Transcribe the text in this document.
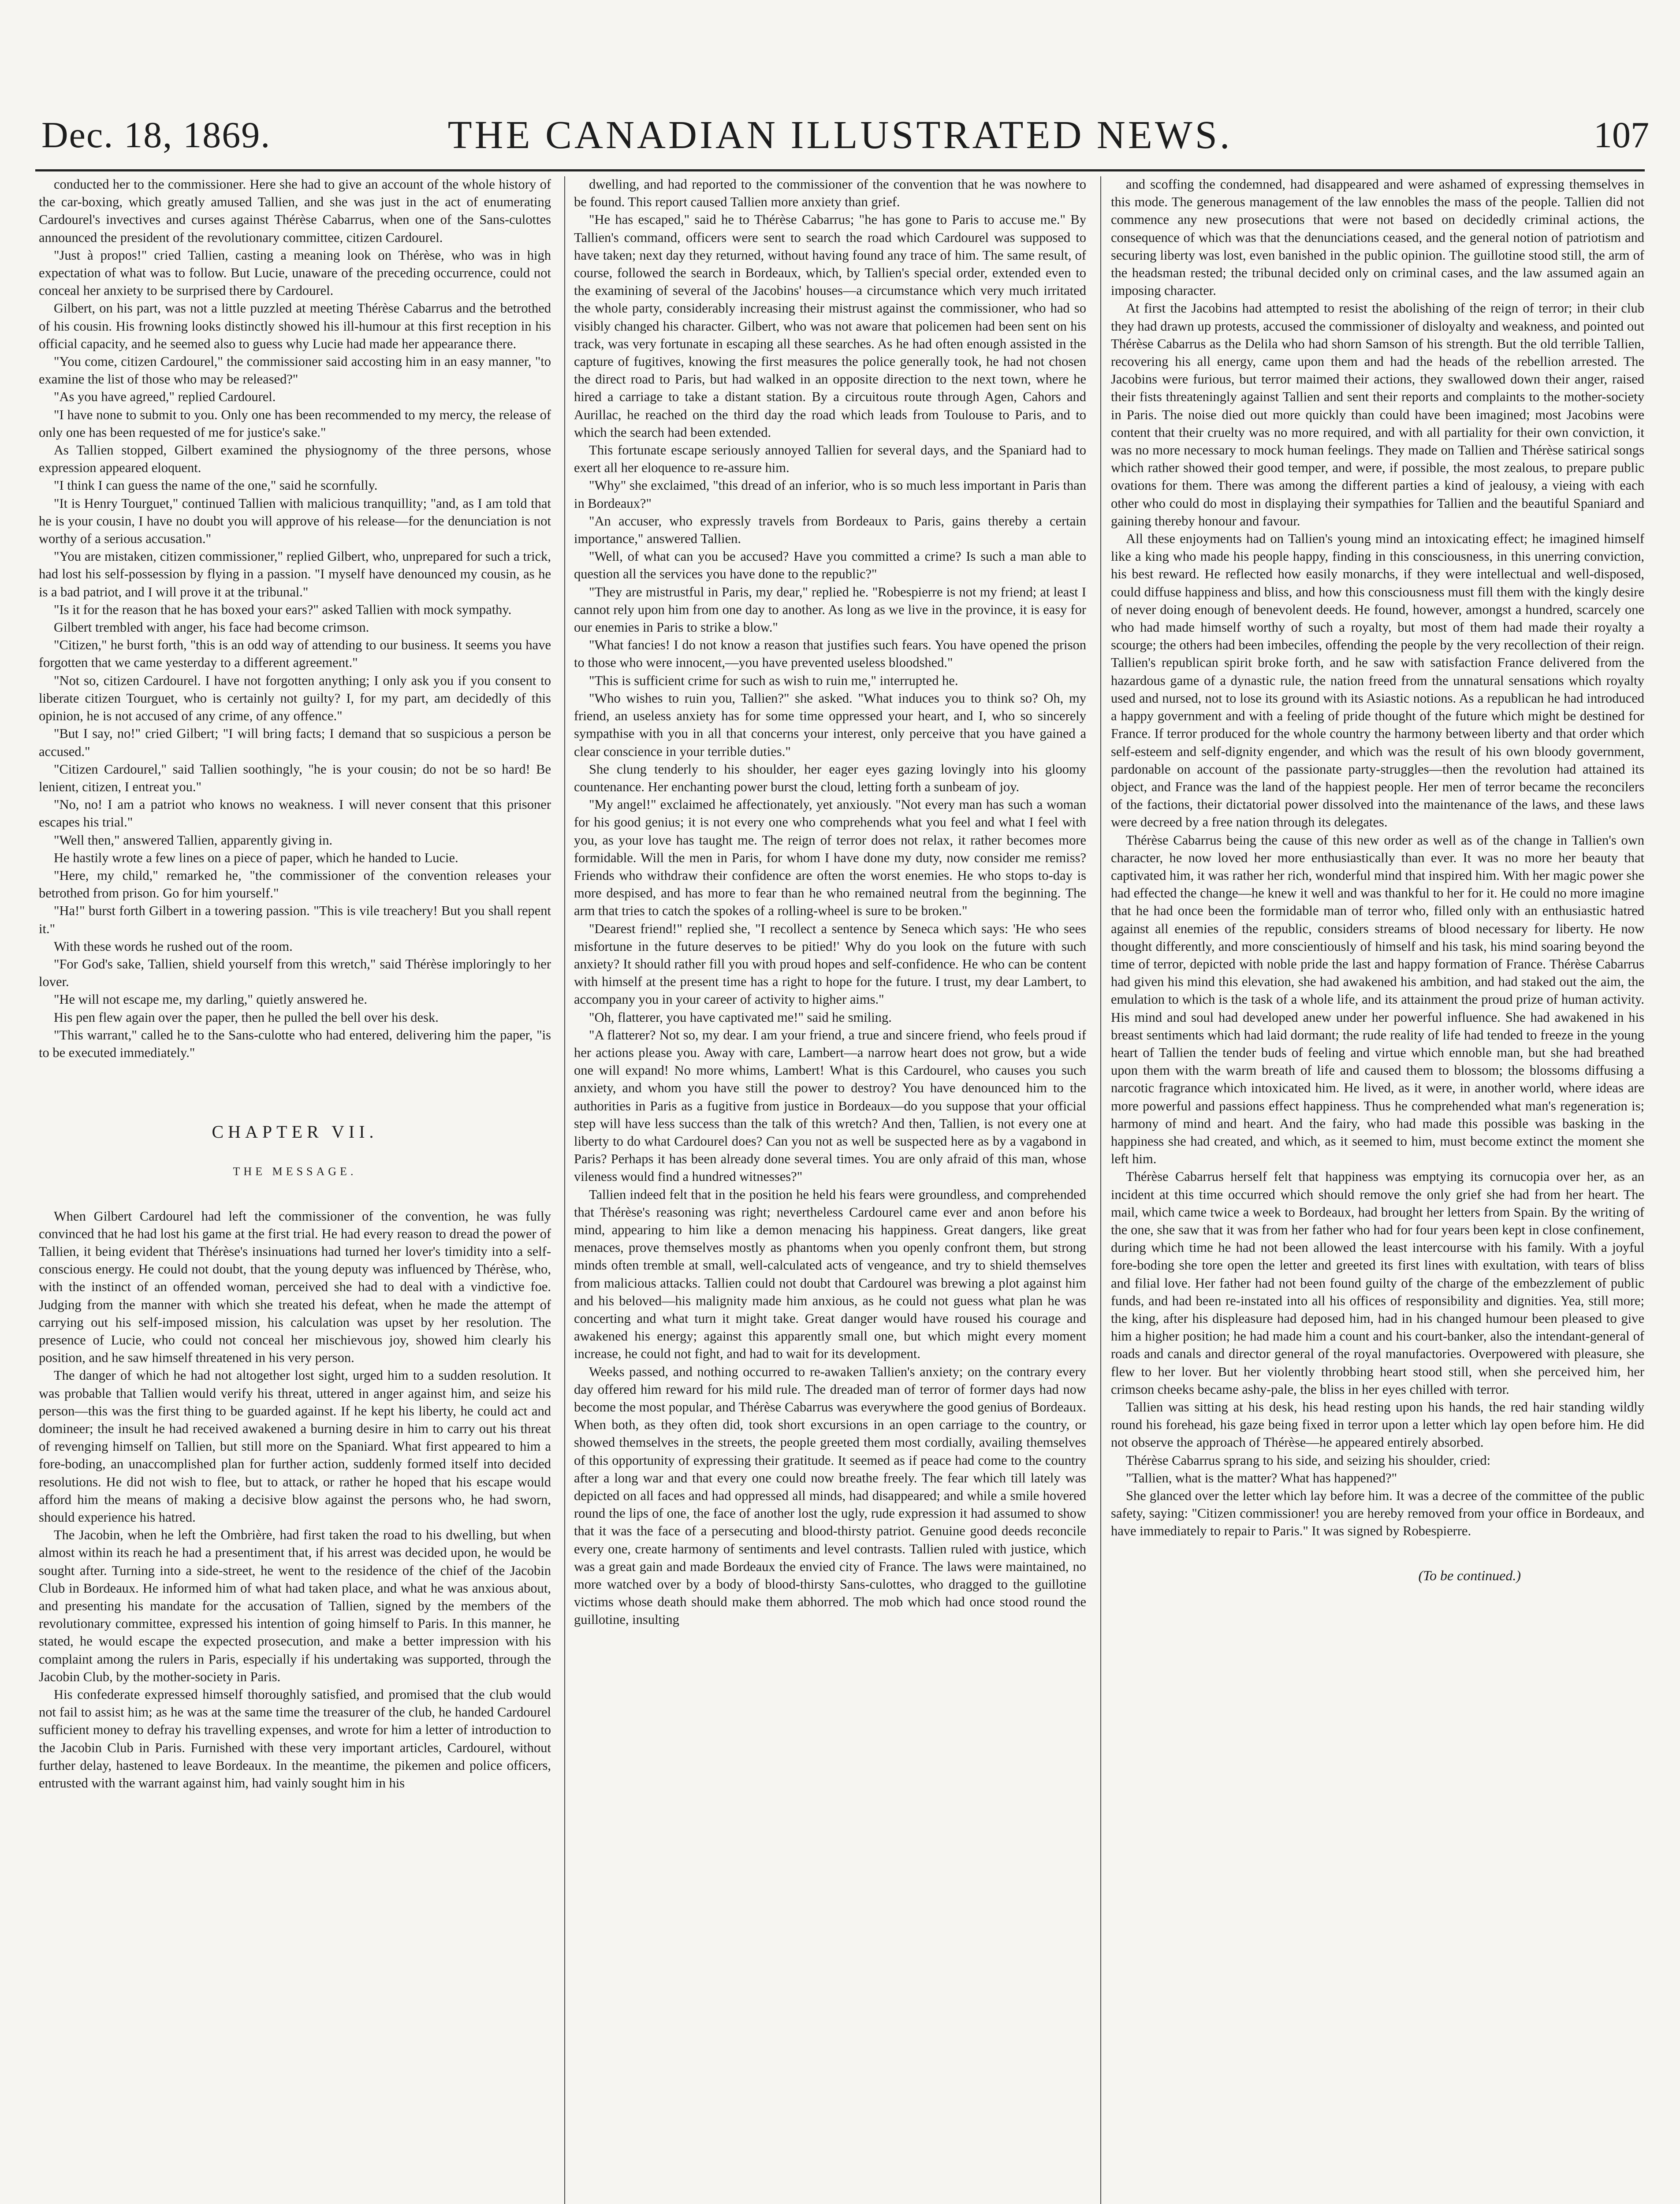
Dec. 18, 1869.	THE CANADIAN ILLUSTRATED NEWS.	107

conducted her to the commissioner. Here she had to give an account of the whole history of the car-boxing, which greatly amused Tallien, and she was just in the act of enumerating Cardourel's invectives and curses against Thérèse Cabarrus, when one of the Sans-culottes announced the president of the revolutionary committee, citizen Cardourel.

"Just à propos!" cried Tallien, casting a meaning look on Thérèse, who was in high expectation of what was to follow. But Lucie, unaware of the preceding occurrence, could not conceal her anxiety to be surprised there by Cardourel.

Gilbert, on his part, was not a little puzzled at meeting Thérèse Cabarrus and the betrothed of his cousin. His frowning looks distinctly showed his ill-humour at this first reception in his official capacity, and he seemed also to guess why Lucie had made her appearance there.

"You come, citizen Cardourel," the commissioner said accosting him in an easy manner, "to examine the list of those who may be released?"

"As you have agreed," replied Cardourel.

"I have none to submit to you. Only one has been recommended to my mercy, the release of only one has been requested of me for justice's sake."

As Tallien stopped, Gilbert examined the physiognomy of the three persons, whose expression appeared eloquent.

"I think I can guess the name of the one," said he scornfully.

"It is Henry Tourguet," continued Tallien with malicious tranquillity; "and, as I am told that he is your cousin, I have no doubt you will approve of his release—for the denunciation is not worthy of a serious accusation."

"You are mistaken, citizen commissioner," replied Gilbert, who, unprepared for such a trick, had lost his self-possession by flying in a passion. "I myself have denounced my cousin, as he is a bad patriot, and I will prove it at the tribunal."

"Is it for the reason that he has boxed your ears?" asked Tallien with mock sympathy.

Gilbert trembled with anger, his face had become crimson.

"Citizen," he burst forth, "this is an odd way of attending to our business. It seems you have forgotten that we came yesterday to a different agreement."

"Not so, citizen Cardourel. I have not forgotten anything; I only ask you if you consent to liberate citizen Tourguet, who is certainly not guilty? I, for my part, am decidedly of this opinion, he is not accused of any crime, of any offence."

"But I say, no!" cried Gilbert; "I will bring facts; I demand that so suspicious a person be accused."

"Citizen Cardourel," said Tallien soothingly, "he is your cousin; do not be so hard! Be lenient, citizen, I entreat you."

"No, no! I am a patriot who knows no weakness. I will never consent that this prisoner escapes his trial."

"Well then," answered Tallien, apparently giving in.

He hastily wrote a few lines on a piece of paper, which he handed to Lucie.

"Here, my child," remarked he, "the commissioner of the convention releases your betrothed from prison. Go for him yourself."

"Ha!" burst forth Gilbert in a towering passion. "This is vile treachery! But you shall repent it."

With these words he rushed out of the room.

"For God's sake, Tallien, shield yourself from this wretch," said Thérèse imploringly to her lover.

"He will not escape me, my darling," quietly answered he.

His pen flew again over the paper, then he pulled the bell over his desk.

"This warrant," called he to the Sans-culotte who had entered, delivering him the paper, "is to be executed immediately."

CHAPTER VII.

THE MESSAGE.

When Gilbert Cardourel had left the commissioner of the convention, he was fully convinced that he had lost his game at the first trial. He had every reason to dread the power of Tallien, it being evident that Thérèse's insinuations had turned her lover's timidity into a self-conscious energy. He could not doubt, that the young deputy was influenced by Thérèse, who, with the instinct of an offended woman, perceived she had to deal with a vindictive foe. Judging from the manner with which she treated his defeat, when he made the attempt of carrying out his self-imposed mission, his calculation was upset by her resolution. The presence of Lucie, who could not conceal her mischievous joy, showed him clearly his position, and he saw himself threatened in his very person.

The danger of which he had not altogether lost sight, urged him to a sudden resolution. It was probable that Tallien would verify his threat, uttered in anger against him, and seize his person—this was the first thing to be guarded against. If he kept his liberty, he could act and domineer; the insult he had received awakened a burning desire in him to carry out his threat of revenging himself on Tallien, but still more on the Spaniard. What first appeared to him a fore-boding, an unaccomplished plan for further action, suddenly formed itself into decided resolutions. He did not wish to flee, but to attack, or rather he hoped that his escape would afford him the means of making a decisive blow against the persons who, he had sworn, should experience his hatred.

The Jacobin, when he left the Ombrière, had first taken the road to his dwelling, but when almost within its reach he had a presentiment that, if his arrest was decided upon, he would be sought after. Turning into a side-street, he went to the residence of the chief of the Jacobin Club in Bordeaux. He informed him of what had taken place, and what he was anxious about, and presenting his mandate for the accusation of Tallien, signed by the members of the revolutionary committee, expressed his intention of going himself to Paris. In this manner, he stated, he would escape the expected prosecution, and make a better impression with his complaint among the rulers in Paris, especially if his undertaking was supported, through the Jacobin Club, by the mother-society in Paris.

His confederate expressed himself thoroughly satisfied, and promised that the club would not fail to assist him; as he was at the same time the treasurer of the club, he handed Cardourel sufficient money to defray his travelling expenses, and wrote for him a letter of introduction to the Jacobin Club in Paris. Furnished with these very important articles, Cardourel, without further delay, hastened to leave Bordeaux. In the meantime, the pikemen and police officers, entrusted with the warrant against him, had vainly sought him in his

dwelling, and had reported to the commissioner of the convention that he was nowhere to be found. This report caused Tallien more anxiety than grief.

"He has escaped," said he to Thérèse Cabarrus; "he has gone to Paris to accuse me." By Tallien's command, officers were sent to search the road which Cardourel was supposed to have taken; next day they returned, without having found any trace of him. The same result, of course, followed the search in Bordeaux, which, by Tallien's special order, extended even to the examining of several of the Jacobins' houses—a circumstance which very much irritated the whole party, considerably increasing their mistrust against the commissioner, who had so visibly changed his character. Gilbert, who was not aware that policemen had been sent on his track, was very fortunate in escaping all these searches. As he had often enough assisted in the capture of fugitives, knowing the first measures the police generally took, he had not chosen the direct road to Paris, but had walked in an opposite direction to the next town, where he hired a carriage to take a distant station. By a circuitous route through Agen, Cahors and Aurillac, he reached on the third day the road which leads from Toulouse to Paris, and to which the search had been extended.

This fortunate escape seriously annoyed Tallien for several days, and the Spaniard had to exert all her eloquence to re-assure him.

"Why" she exclaimed, "this dread of an inferior, who is so much less important in Paris than in Bordeaux?"

"An accuser, who expressly travels from Bordeaux to Paris, gains thereby a certain importance," answered Tallien.

"Well, of what can you be accused? Have you committed a crime? Is such a man able to question all the services you have done to the republic?"

"They are mistrustful in Paris, my dear," replied he. "Robespierre is not my friend; at least I cannot rely upon him from one day to another. As long as we live in the province, it is easy for our enemies in Paris to strike a blow."

"What fancies! I do not know a reason that justifies such fears. You have opened the prison to those who were innocent,—you have prevented useless bloodshed."

"This is sufficient crime for such as wish to ruin me," interrupted he.

"Who wishes to ruin you, Tallien?" she asked. "What induces you to think so? Oh, my friend, an useless anxiety has for some time oppressed your heart, and I, who so sincerely sympathise with you in all that concerns your interest, only perceive that you have gained a clear conscience in your terrible duties."

She clung tenderly to his shoulder, her eager eyes gazing lovingly into his gloomy countenance. Her enchanting power burst the cloud, letting forth a sunbeam of joy.

"My angel!" exclaimed he affectionately, yet anxiously. "Not every man has such a woman for his good genius; it is not every one who comprehends what you feel and what I feel with you, as your love has taught me. The reign of terror does not relax, it rather becomes more formidable. Will the men in Paris, for whom I have done my duty, now consider me remiss? Friends who withdraw their confidence are often the worst enemies. He who stops to-day is more despised, and has more to fear than he who remained neutral from the beginning. The arm that tries to catch the spokes of a rolling-wheel is sure to be broken."

"Dearest friend!" replied she, "I recollect a sentence by Seneca which says: 'He who sees misfortune in the future deserves to be pitied!' Why do you look on the future with such anxiety? It should rather fill you with proud hopes and self-confidence. He who can be content with himself at the present time has a right to hope for the future. I trust, my dear Lambert, to accompany you in your career of activity to higher aims."

"Oh, flatterer, you have captivated me!" said he smiling.

"A flatterer? Not so, my dear. I am your friend, a true and sincere friend, who feels proud if her actions please you. Away with care, Lambert—a narrow heart does not grow, but a wide one will expand! No more whims, Lambert! What is this Cardourel, who causes you such anxiety, and whom you have still the power to destroy? You have denounced him to the authorities in Paris as a fugitive from justice in Bordeaux—do you suppose that your official step will have less success than the talk of this wretch? And then, Tallien, is not every one at liberty to do what Cardourel does? Can you not as well be suspected here as by a vagabond in Paris? Perhaps it has been already done several times. You are only afraid of this man, whose vileness would find a hundred witnesses?"

Tallien indeed felt that in the position he held his fears were groundless, and comprehended that Thérèse's reasoning was right; nevertheless Cardourel came ever and anon before his mind, appearing to him like a demon menacing his happiness. Great dangers, like great menaces, prove themselves mostly as phantoms when you openly confront them, but strong minds often tremble at small, well-calculated acts of vengeance, and try to shield themselves from malicious attacks. Tallien could not doubt that Cardourel was brewing a plot against him and his beloved—his malignity made him anxious, as he could not guess what plan he was concerting and what turn it might take. Great danger would have roused his courage and awakened his energy; against this apparently small one, but which might every moment increase, he could not fight, and had to wait for its development.

Weeks passed, and nothing occurred to re-awaken Tallien's anxiety; on the contrary every day offered him reward for his mild rule. The dreaded man of terror of former days had now become the most popular, and Thérèse Cabarrus was everywhere the good genius of Bordeaux. When both, as they often did, took short excursions in an open carriage to the country, or showed themselves in the streets, the people greeted them most cordially, availing themselves of this opportunity of expressing their gratitude. It seemed as if peace had come to the country after a long war and that every one could now breathe freely. The fear which till lately was depicted on all faces and had oppressed all minds, had disappeared; and while a smile hovered round the lips of one, the face of another lost the ugly, rude expression it had assumed to show that it was the face of a persecuting and blood-thirsty patriot. Genuine good deeds reconcile every one, create harmony of sentiments and level contrasts. Tallien ruled with justice, which was a great gain and made Bordeaux the envied city of France. The laws were maintained, no more watched over by a body of blood-thirsty Sans-culottes, who dragged to the guillotine victims whose death should make them abhorred. The mob which had once stood round the guillotine, insulting

and scoffing the condemned, had disappeared and were ashamed of expressing themselves in this mode. The generous management of the law ennobles the mass of the people. Tallien did not commence any new prosecutions that were not based on decidedly criminal actions, the consequence of which was that the denunciations ceased, and the general notion of patriotism and securing liberty was lost, even banished in the public opinion. The guillotine stood still, the arm of the headsman rested; the tribunal decided only on criminal cases, and the law assumed again an imposing character.

At first the Jacobins had attempted to resist the abolishing of the reign of terror; in their club they had drawn up protests, accused the commissioner of disloyalty and weakness, and pointed out Thérèse Cabarrus as the Delila who had shorn Samson of his strength. But the old terrible Tallien, recovering his all energy, came upon them and had the heads of the rebellion arrested. The Jacobins were furious, but terror maimed their actions, they swallowed down their anger, raised their fists threateningly against Tallien and sent their reports and complaints to the mother-society in Paris. The noise died out more quickly than could have been imagined; most Jacobins were content that their cruelty was no more required, and with all partiality for their own conviction, it was no more necessary to mock human feelings. They made on Tallien and Thérèse satirical songs which rather showed their good temper, and were, if possible, the most zealous, to prepare public ovations for them. There was among the different parties a kind of jealousy, a vieing with each other who could do most in displaying their sympathies for Tallien and the beautiful Spaniard and gaining thereby honour and favour.

All these enjoyments had on Tallien's young mind an intoxicating effect; he imagined himself like a king who made his people happy, finding in this consciousness, in this unerring conviction, his best reward. He reflected how easily monarchs, if they were intellectual and well-disposed, could diffuse happiness and bliss, and how this consciousness must fill them with the kingly desire of never doing enough of benevolent deeds. He found, however, amongst a hundred, scarcely one who had made himself worthy of such a royalty, but most of them had made their royalty a scourge; the others had been imbeciles, offending the people by the very recollection of their reign. Tallien's republican spirit broke forth, and he saw with satisfaction France delivered from the hazardous game of a dynastic rule, the nation freed from the unnatural sensations which royalty used and nursed, not to lose its ground with its Asiastic notions. As a republican he had introduced a happy government and with a feeling of pride thought of the future which might be destined for France. If terror produced for the whole country the harmony between liberty and that order which self-esteem and self-dignity engender, and which was the result of his own bloody government, pardonable on account of the passionate party-struggles—then the revolution had attained its object, and France was the land of the happiest people. Her men of terror became the reconcilers of the factions, their dictatorial power dissolved into the maintenance of the laws, and these laws were decreed by a free nation through its delegates.

Thérèse Cabarrus being the cause of this new order as well as of the change in Tallien's own character, he now loved her more enthusiastically than ever. It was no more her beauty that captivated him, it was rather her rich, wonderful mind that inspired him. With her magic power she had effected the change—he knew it well and was thankful to her for it. He could no more imagine that he had once been the formidable man of terror who, filled only with an enthusiastic hatred against all enemies of the republic, considers streams of blood necessary for liberty. He now thought differently, and more conscientiously of himself and his task, his mind soaring beyond the time of terror, depicted with noble pride the last and happy formation of France. Thérèse Cabarrus had given his mind this elevation, she had awakened his ambition, and had staked out the aim, the emulation to which is the task of a whole life, and its attainment the proud prize of human activity. His mind and soul had developed anew under her powerful influence. She had awakened in his breast sentiments which had laid dormant; the rude reality of life had tended to freeze in the young heart of Tallien the tender buds of feeling and virtue which ennoble man, but she had breathed upon them with the warm breath of life and caused them to blossom; the blossoms diffusing a narcotic fragrance which intoxicated him. He lived, as it were, in another world, where ideas are more powerful and passions effect happiness. Thus he comprehended what man's regeneration is; harmony of mind and heart. And the fairy, who had made this possible was basking in the happiness she had created, and which, as it seemed to him, must become extinct the moment she left him.

Thérèse Cabarrus herself felt that happiness was emptying its cornucopia over her, as an incident at this time occurred which should remove the only grief she had from her heart. The mail, which came twice a week to Bordeaux, had brought her letters from Spain. By the writing of the one, she saw that it was from her father who had for four years been kept in close confinement, during which time he had not been allowed the least intercourse with his family. With a joyful fore-boding she tore open the letter and greeted its first lines with exultation, with tears of bliss and filial love. Her father had not been found guilty of the charge of the embezzlement of public funds, and had been re-instated into all his offices of responsibility and dignities. Yea, still more; the king, after his displeasure had deposed him, had in his changed humour been pleased to give him a higher position; he had made him a count and his court-banker, also the intendant-general of roads and canals and director general of the royal manufactories. Overpowered with pleasure, she flew to her lover. But her violently throbbing heart stood still, when she perceived him, her crimson cheeks became ashy-pale, the bliss in her eyes chilled with terror.

Tallien was sitting at his desk, his head resting upon his hands, the red hair standing wildly round his forehead, his gaze being fixed in terror upon a letter which lay open before him. He did not observe the approach of Thérèse—he appeared entirely absorbed.

Thérèse Cabarrus sprang to his side, and seizing his shoulder, cried:

"Tallien, what is the matter? What has happened?"

She glanced over the letter which lay before him. It was a decree of the committee of the public safety, saying: "Citizen commissioner! you are hereby removed from your office in Bordeaux, and have immediately to repair to Paris." It was signed by Robespierre.

(To be continued.)
